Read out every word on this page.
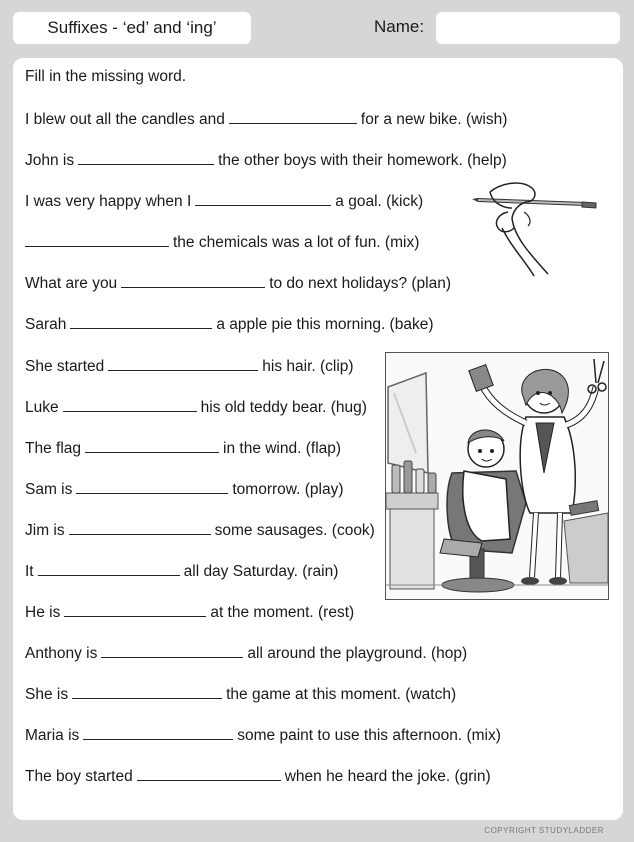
Suffixes - ‘ed’ and ‘ing’	Name:
Fill in the missing word.
I blew out all the candles and	for a new bike. (wish)
John is	the other boys with their homework. (help)
I was very happy when I	a goal. (kick)
the chemicals was a lot of fun. (mix)
What are you	to do next holidays? (plan)
Sarah	a apple pie this morning. (bake)
She started	his hair. (clip)
Luke	his old teddy bear. (hug)
The flag	in the wind. (flap)
Sam is	tomorrow. (play)
Jim is	some sausages. (cook)
It	all day Saturday. (rain)
He is	at the moment. (rest)
Anthony is	all around the playground. (hop)
She is	the game at this moment. (watch)
Maria is	some paint to use this afternoon. (mix)
The boy started	when he heard the joke. (grin)
COPYRIGHT STUDYLADDER
